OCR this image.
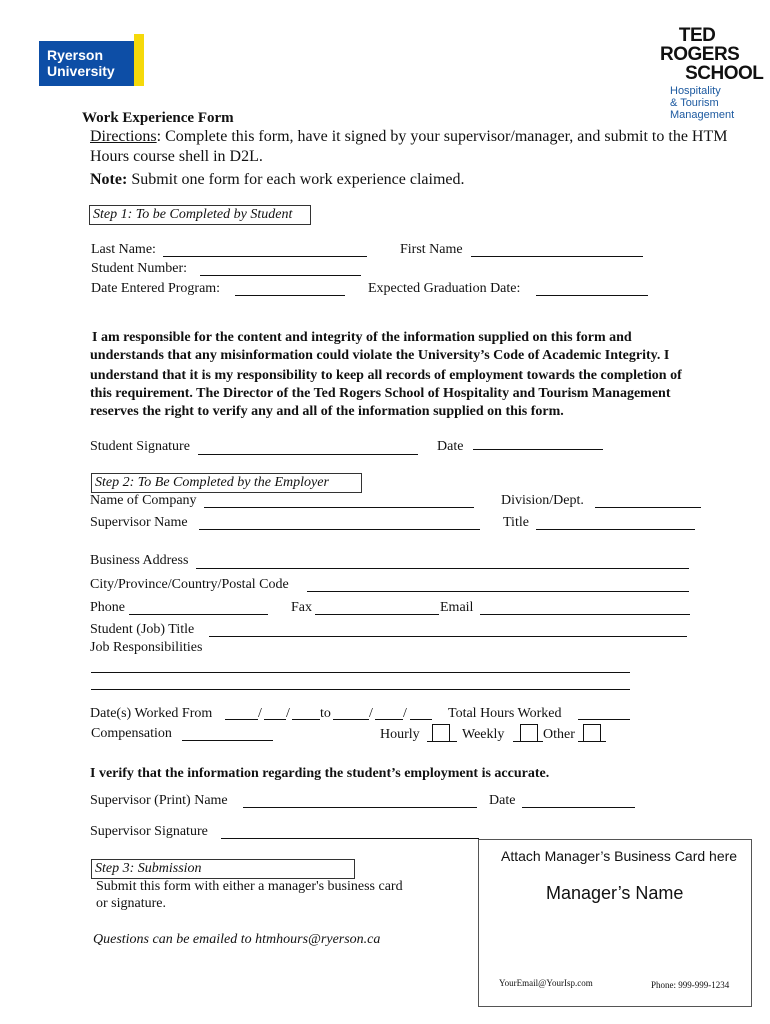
Ryerson
University
TED
ROGERS
SCHOOL
Hospitality
& Tourism
Management
Work Experience Form
Directions: Complete this form, have it signed by your supervisor/manager, and submit to the HTM
Hours course shell in D2L.
Note: Submit one form for each work experience claimed.
Step 1: To be Completed by Student
Last Name:	First Name
Student Number:
Date Entered Program:	Expected Graduation Date:
I am responsible for the content and integrity of the information supplied on this form and
understands that any misinformation could violate the University’s Code of Academic Integrity. I
understand that it is my responsibility to keep all records of employment towards the completion of
this requirement. The Director of the Ted Rogers School of Hospitality and Tourism Management
reserves the right to verify any and all of the information supplied on this form.
Student Signature	Date
Step 2: To Be Completed by the Employer
Name of Company	Division/Dept.
Supervisor Name	Title
Business Address
City/Province/Country/Postal Code
Phone	Fax	Email
Student (Job) Title
Job Responsibilities
Date(s) Worked From	/ / to	/ /	Total Hours Worked
Compensation	Hourly	Weekly	Other
I verify that the information regarding the student’s employment is accurate.
Supervisor (Print) Name	Date
Supervisor Signature
Step 3: Submission
Submit this form with either a manager's business card
or signature.
Questions can be emailed to htmhours@ryerson.ca
Attach Manager’s Business Card here
Manager’s Name
YourEmail@YourIsp.com	Phone: 999-999-1234
